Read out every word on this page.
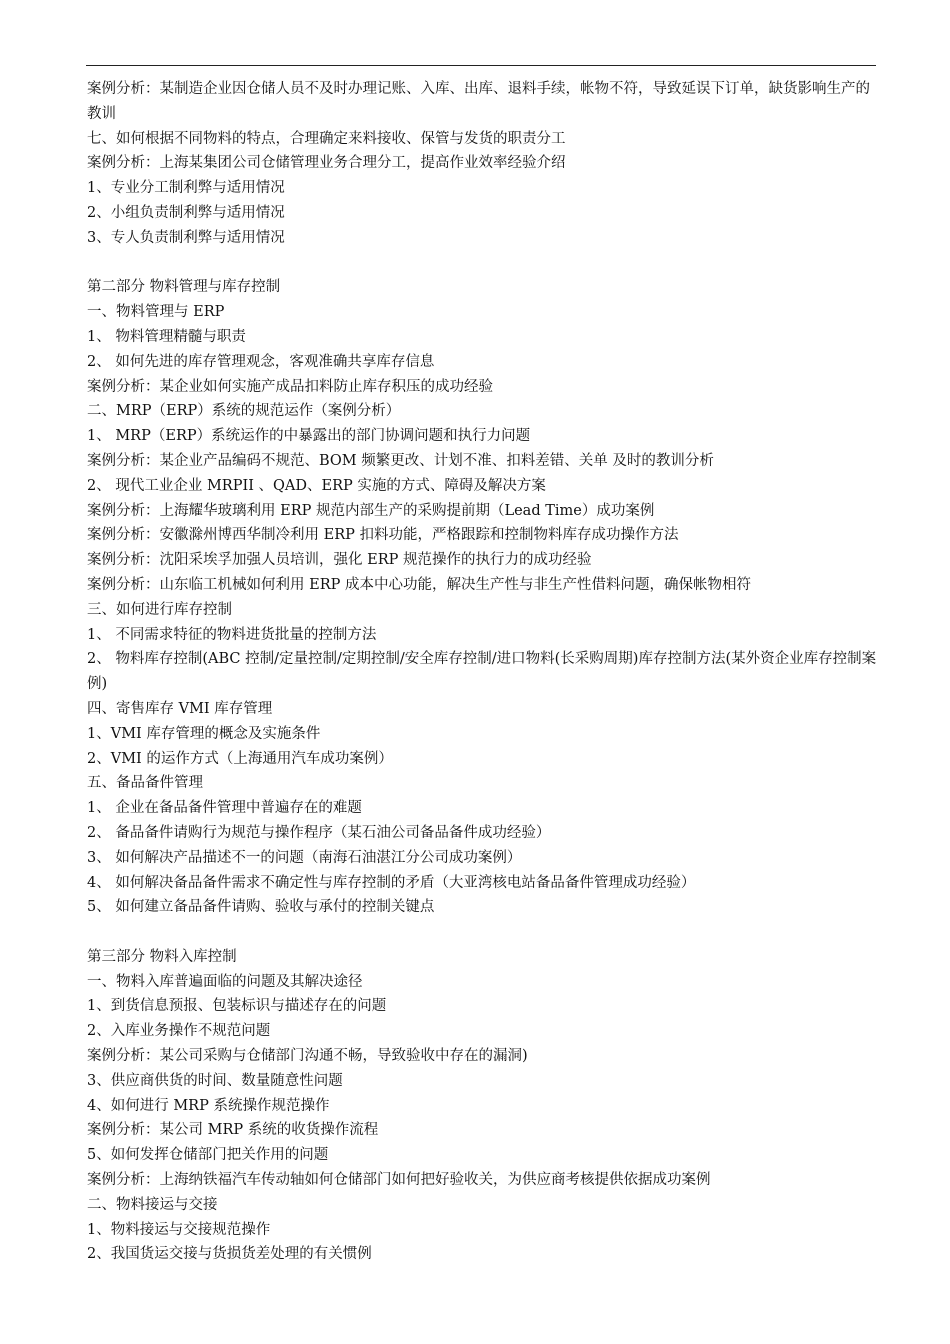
案例分析：某制造企业因仓储人员不及时办理记账、入库、出库、退料手续，帐物不符，导致延误下订单，缺货影响生产的教训
七、如何根据不同物料的特点，合理确定来料接收、保管与发货的职责分工
案例分析：上海某集团公司仓储管理业务合理分工，提高作业效率经验介绍
1、专业分工制利弊与适用情况
2、小组负责制利弊与适用情况
3、专人负责制利弊与适用情况
第二部分 物料管理与库存控制
一、物料管理与 ERP
1、 物料管理精髓与职责
2、 如何先进的库存管理观念，客观准确共享库存信息
案例分析：某企业如何实施产成品扣料防止库存积压的成功经验
二、MRP（ERP）系统的规范运作（案例分析）
1、 MRP（ERP）系统运作的中暴露出的部门协调问题和执行力问题
案例分析：某企业产品编码不规范、BOM 频繁更改、计划不准、扣料差错、关单 及时的教训分析
2、 现代工业企业 MRPII 、QAD、ERP 实施的方式、障碍及解决方案
案例分析：上海耀华玻璃利用 ERP 规范内部生产的采购提前期（Lead Time）成功案例
案例分析：安徽滁州博西华制冷利用 ERP 扣料功能，严格跟踪和控制物料库存成功操作方法
案例分析：沈阳采埃孚加强人员培训，强化 ERP 规范操作的执行力的成功经验
案例分析：山东临工机械如何利用 ERP 成本中心功能，解决生产性与非生产性借料问题，确保帐物相符
三、如何进行库存控制
1、 不同需求特征的物料进货批量的控制方法
2、 物料库存控制(ABC 控制/定量控制/定期控制/安全库存控制/进口物料(长采购周期)库存控制方法(某外资企业库存控制案例)
四、寄售库存 VMI 库存管理
1、VMI 库存管理的概念及实施条件
2、VMI 的运作方式（上海通用汽车成功案例）
五、备品备件管理
1、 企业在备品备件管理中普遍存在的难题
2、 备品备件请购行为规范与操作程序（某石油公司备品备件成功经验）
3、 如何解决产品描述不一的问题（南海石油湛江分公司成功案例）
4、 如何解决备品备件需求不确定性与库存控制的矛盾（大亚湾核电站备品备件管理成功经验）
5、 如何建立备品备件请购、验收与承付的控制关键点
第三部分 物料入库控制
一、物料入库普遍面临的问题及其解决途径
1、到货信息预报、包装标识与描述存在的问题
2、入库业务操作不规范问题
案例分析：某公司采购与仓储部门沟通不畅，导致验收中存在的漏洞)
3、供应商供货的时间、数量随意性问题
4、如何进行 MRP 系统操作规范操作
案例分析：某公司 MRP 系统的收货操作流程
5、如何发挥仓储部门把关作用的问题
案例分析：上海纳铁福汽车传动轴如何仓储部门如何把好验收关，为供应商考核提供依据成功案例
二、物料接运与交接
1、物料接运与交接规范操作
2、我国货运交接与货损货差处理的有关惯例
